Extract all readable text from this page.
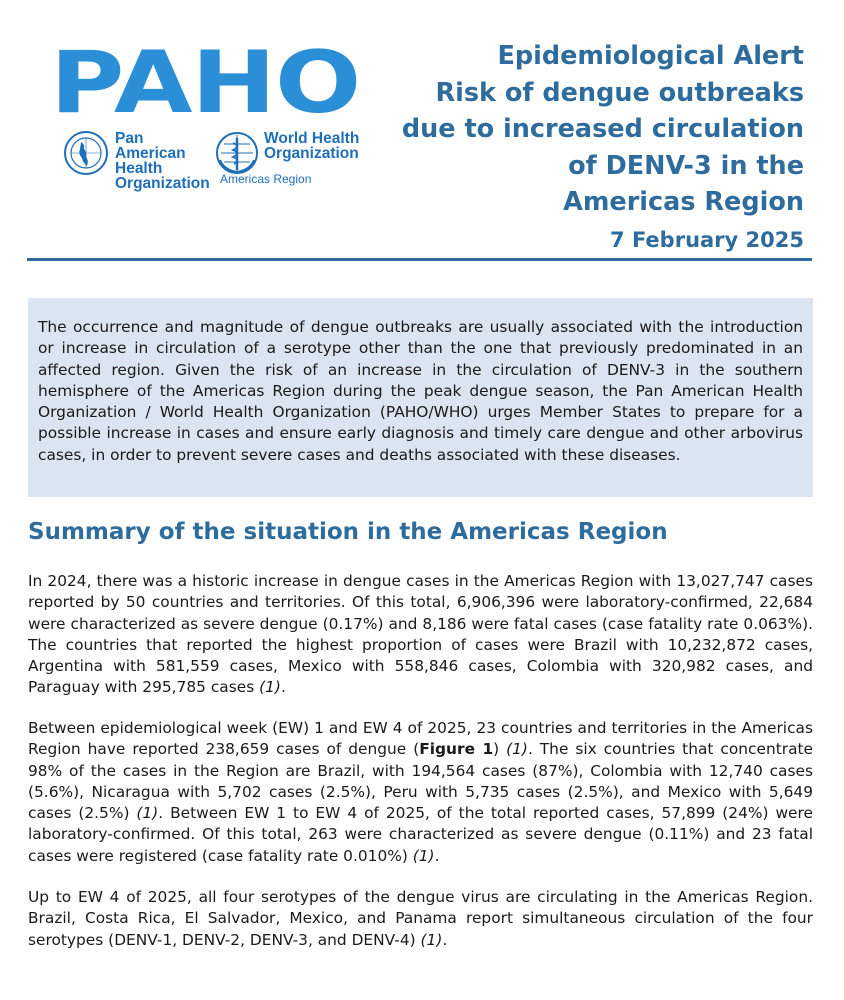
PAHO
Pan American Health Organization
World Health Organization
Americas Region
Epidemiological Alert
Risk of dengue outbreaks
due to increased circulation
of DENV-3 in the
Americas Region
7 February 2025

The occurrence and magnitude of dengue outbreaks are usually associated with the introduction or increase in circulation of a serotype other than the one that previously predominated in an affected region. Given the risk of an increase in the circulation of DENV-3 in the southern hemisphere of the Americas Region during the peak dengue season, the Pan American Health Organization / World Health Organization (PAHO/WHO) urges Member States to prepare for a possible increase in cases and ensure early diagnosis and timely care dengue and other arbovirus cases, in order to prevent severe cases and deaths associated with these diseases.

Summary of the situation in the Americas Region

In 2024, there was a historic increase in dengue cases in the Americas Region with 13,027,747 cases reported by 50 countries and territories. Of this total, 6,906,396 were laboratory-confirmed, 22,684 were characterized as severe dengue (0.17%) and 8,186 were fatal cases (case fatality rate 0.063%). The countries that reported the highest proportion of cases were Brazil with 10,232,872 cases, Argentina with 581,559 cases, Mexico with 558,846 cases, Colombia with 320,982 cases, and Paraguay with 295,785 cases (1).

Between epidemiological week (EW) 1 and EW 4 of 2025, 23 countries and territories in the Americas Region have reported 238,659 cases of dengue (Figure 1) (1). The six countries that concentrate 98% of the cases in the Region are Brazil, with 194,564 cases (87%), Colombia with 12,740 cases (5.6%), Nicaragua with 5,702 cases (2.5%), Peru with 5,735 cases (2.5%), and Mexico with 5,649 cases (2.5%) (1). Between EW 1 to EW 4 of 2025, of the total reported cases, 57,899 (24%) were laboratory-confirmed. Of this total, 263 were characterized as severe dengue (0.11%) and 23 fatal cases were registered (case fatality rate 0.010%) (1).

Up to EW 4 of 2025, all four serotypes of the dengue virus are circulating in the Americas Region. Brazil, Costa Rica, El Salvador, Mexico, and Panama report simultaneous circulation of the four serotypes (DENV-1, DENV-2, DENV-3, and DENV-4) (1).
